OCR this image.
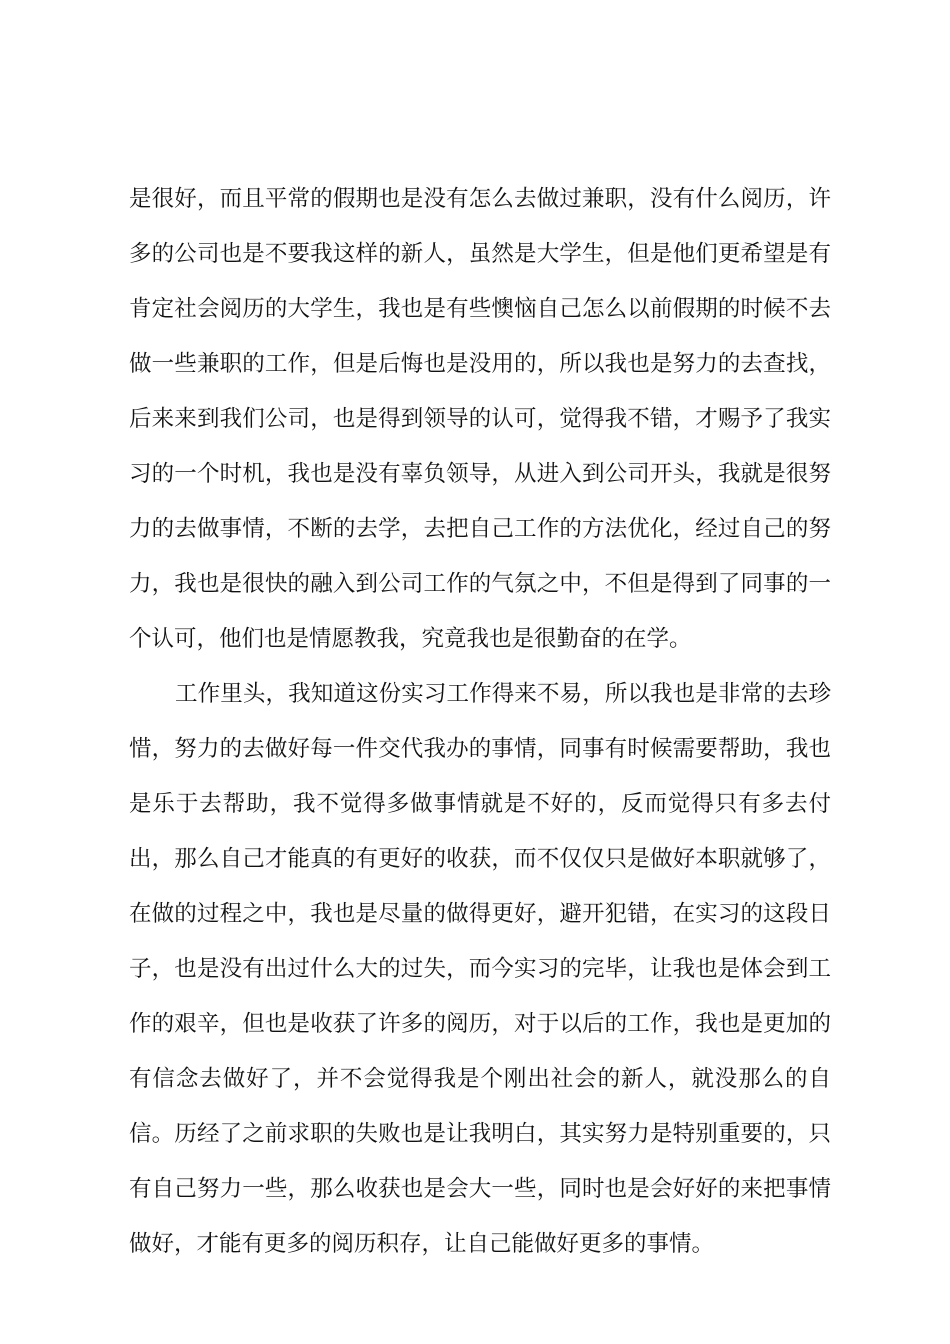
是很好，而且平常的假期也是没有怎么去做过兼职，没有什么阅历，许
多的公司也是不要我这样的新人，虽然是大学生，但是他们更希望是有
肯定社会阅历的大学生，我也是有些懊恼自己怎么以前假期的时候不去
做一些兼职的工作，但是后悔也是没用的，所以我也是努力的去查找，
后来来到我们公司，也是得到领导的认可，觉得我不错，才赐予了我实
习的一个时机，我也是没有辜负领导，从进入到公司开头，我就是很努
力的去做事情，不断的去学，去把自己工作的方法优化，经过自己的努
力，我也是很快的融入到公司工作的气氛之中，不但是得到了同事的一
个认可，他们也是情愿教我，究竟我也是很勤奋的在学。
工作里头，我知道这份实习工作得来不易，所以我也是非常的去珍
惜，努力的去做好每一件交代我办的事情，同事有时候需要帮助，我也
是乐于去帮助，我不觉得多做事情就是不好的，反而觉得只有多去付
出，那么自己才能真的有更好的收获，而不仅仅只是做好本职就够了，
在做的过程之中，我也是尽量的做得更好，避开犯错，在实习的这段日
子，也是没有出过什么大的过失，而今实习的完毕，让我也是体会到工
作的艰辛，但也是收获了许多的阅历，对于以后的工作，我也是更加的
有信念去做好了，并不会觉得我是个刚出社会的新人，就没那么的自
信。历经了之前求职的失败也是让我明白，其实努力是特别重要的，只
有自己努力一些，那么收获也是会大一些，同时也是会好好的来把事情
做好，才能有更多的阅历积存，让自己能做好更多的事情。
